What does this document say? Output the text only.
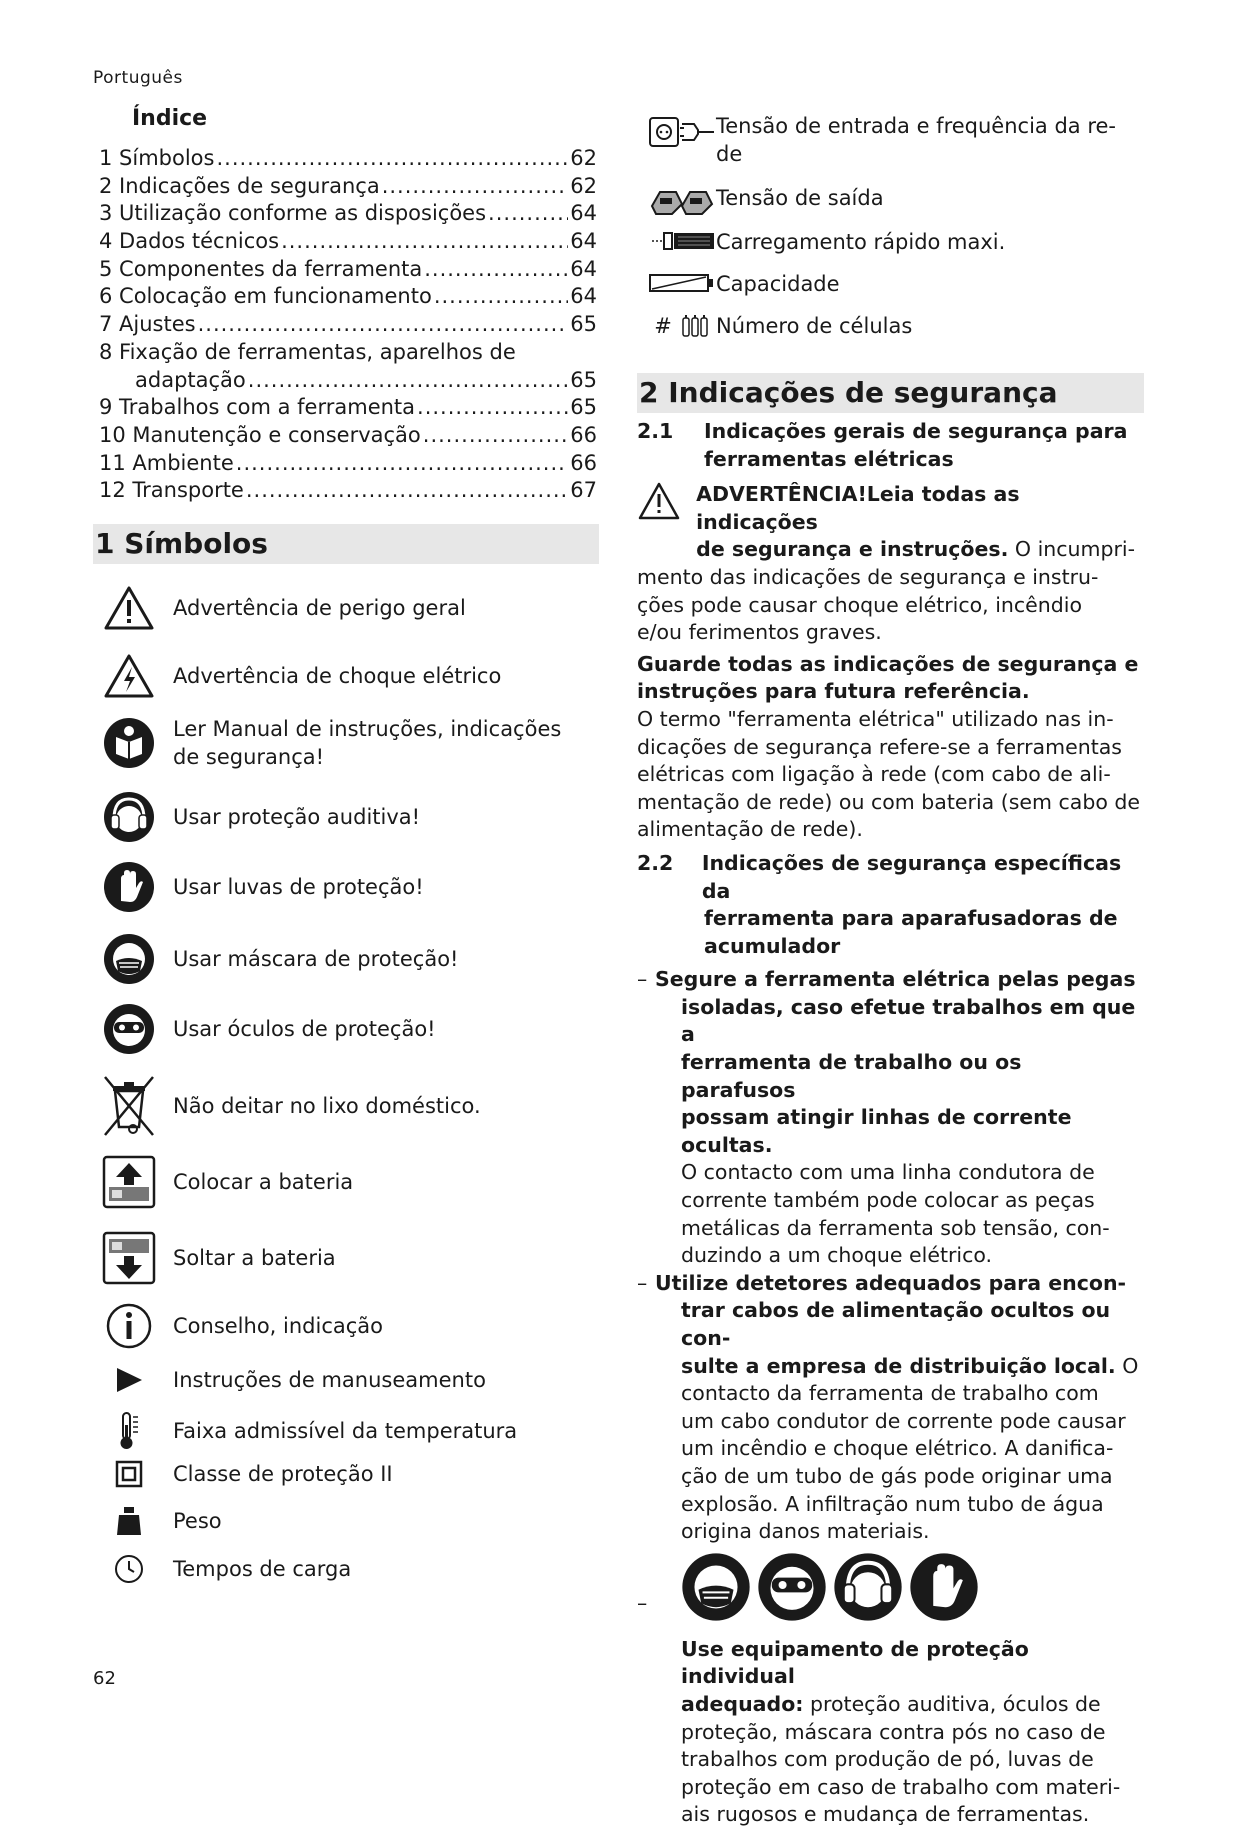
Português
Índice
1 Símbolos .....	62
2 Indicações de segurança .....	62
3 Utilização conforme as disposições .....	64
4 Dados técnicos .....	64
5 Componentes da ferramenta .....	64
6 Colocação em funcionamento .....	64
7 Ajustes .....	65
8 Fixação de ferramentas, aparelhos de
adaptação .....	65
9 Trabalhos com a ferramenta .....	65
10 Manutenção e conservação .....	66
11 Ambiente .....	66
12 Transporte .....	67
1 Símbolos
Advertência de perigo geral
Advertência de choque elétrico
Ler Manual de instruções, indicações
de segurança!
Usar proteção auditiva!
Usar luvas de proteção!
Usar máscara de proteção!
Usar óculos de proteção!
Não deitar no lixo doméstico.
Colocar a bateria
Soltar a bateria
Conselho, indicação
Instruções de manuseamento
Faixa admissível da temperatura
Classe de proteção II
Peso
Tempos de carga
Tensão de entrada e frequência da re-
de
Tensão de saída
Carregamento rápido maxi.
Capacidade
# Número de células
2 Indicações de segurança
2.1	Indicações gerais de segurança para
ferramentas elétricas
ADVERTÊNCIA!Leia todas as indicações
de segurança e instruções. O incumpri-
mento das indicações de segurança e instru-
ções pode causar choque elétrico, incêndio
e/ou ferimentos graves.
Guarde todas as indicações de segurança e
instruções para futura referência.
O termo "ferramenta elétrica" utilizado nas in-
dicações de segurança refere-se a ferramentas
elétricas com ligação à rede (com cabo de ali-
mentação de rede) ou com bateria (sem cabo de
alimentação de rede).
2.2	Indicações de segurança específicas da
ferramenta para aparafusadoras de
acumulador
– Segure a ferramenta elétrica pelas pegas
isoladas, caso efetue trabalhos em que a
ferramenta de trabalho ou os parafusos
possam atingir linhas de corrente ocultas.
O contacto com uma linha condutora de
corrente também pode colocar as peças
metálicas da ferramenta sob tensão, con-
duzindo a um choque elétrico.
– Utilize detetores adequados para encon-
trar cabos de alimentação ocultos ou con-
sulte a empresa de distribuição local. O
contacto da ferramenta de trabalho com
um cabo condutor de corrente pode causar
um incêndio e choque elétrico. A danifica-
ção de um tubo de gás pode originar uma
explosão. A infiltração num tubo de água
origina danos materiais.
–
Use equipamento de proteção individual
adequado: proteção auditiva, óculos de
proteção, máscara contra pós no caso de
trabalhos com produção de pó, luvas de
proteção em caso de trabalho com materi-
ais rugosos e mudança de ferramentas.
62
